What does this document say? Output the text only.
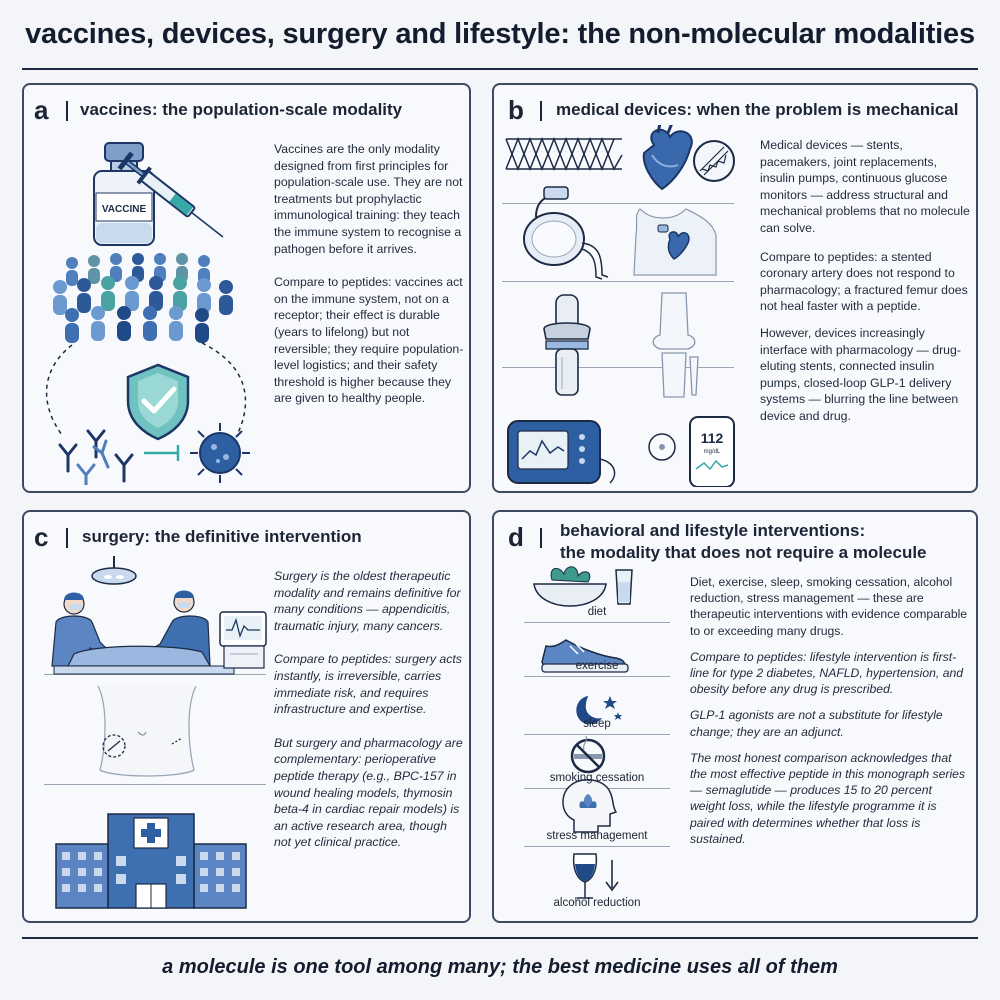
vaccines, devices, surgery and lifestyle: the non-molecular modalities
a vaccines: the population-scale modality
VACCINE

Vaccines are the only modality designed from first principles for population-scale use. They are not treatments but prophylactic immunological training: they teach the immune system to recognise a pathogen before it arrives.

Compare to peptides: vaccines act on the immune system, not on a receptor; their effect is durable (years to lifelong) but not reversible; they require population-level logistics; and their safety threshold is higher because they are given to healthy people.

b medical devices: when the problem is mechanical
112
mg/dL

Medical devices — stents, pacemakers, joint replacements, insulin pumps, continuous glucose monitors — address structural and mechanical problems that no molecule can solve.

Compare to peptides: a stented coronary artery does not respond to pharmacology; a fractured femur does not heal faster with a peptide.

However, devices increasingly interface with pharmacology — drug-eluting stents, connected insulin pumps, closed-loop GLP-1 delivery systems — blurring the line between device and drug.

c surgery: the definitive intervention

Surgery is the oldest therapeutic modality and remains definitive for many conditions — appendicitis, traumatic injury, many cancers.

Compare to peptides: surgery acts instantly, is irreversible, carries immediate risk, and requires infrastructure and expertise.

But surgery and pharmacology are complementary: perioperative peptide therapy (e.g., BPC-157 in wound healing models, thymosin beta-4 in cardiac repair models) is an active research area, though not yet clinical practice.

d behavioral and lifestyle interventions:
the modality that does not require a molecule
diet
exercise
sleep
smoking cessation
stress management
alcohol reduction

Diet, exercise, sleep, smoking cessation, alcohol reduction, stress management — these are therapeutic interventions with evidence comparable to or exceeding many drugs.

Compare to peptides: lifestyle intervention is first-line for type 2 diabetes, NAFLD, hypertension, and obesity before any drug is prescribed.

GLP-1 agonists are not a substitute for lifestyle change; they are an adjunct.

The most honest comparison acknowledges that the most effective peptide in this monograph series — semaglutide — produces 15 to 20 percent weight loss, while the lifestyle programme it is paired with determines whether that loss is sustained.

a molecule is one tool among many; the best medicine uses all of them
